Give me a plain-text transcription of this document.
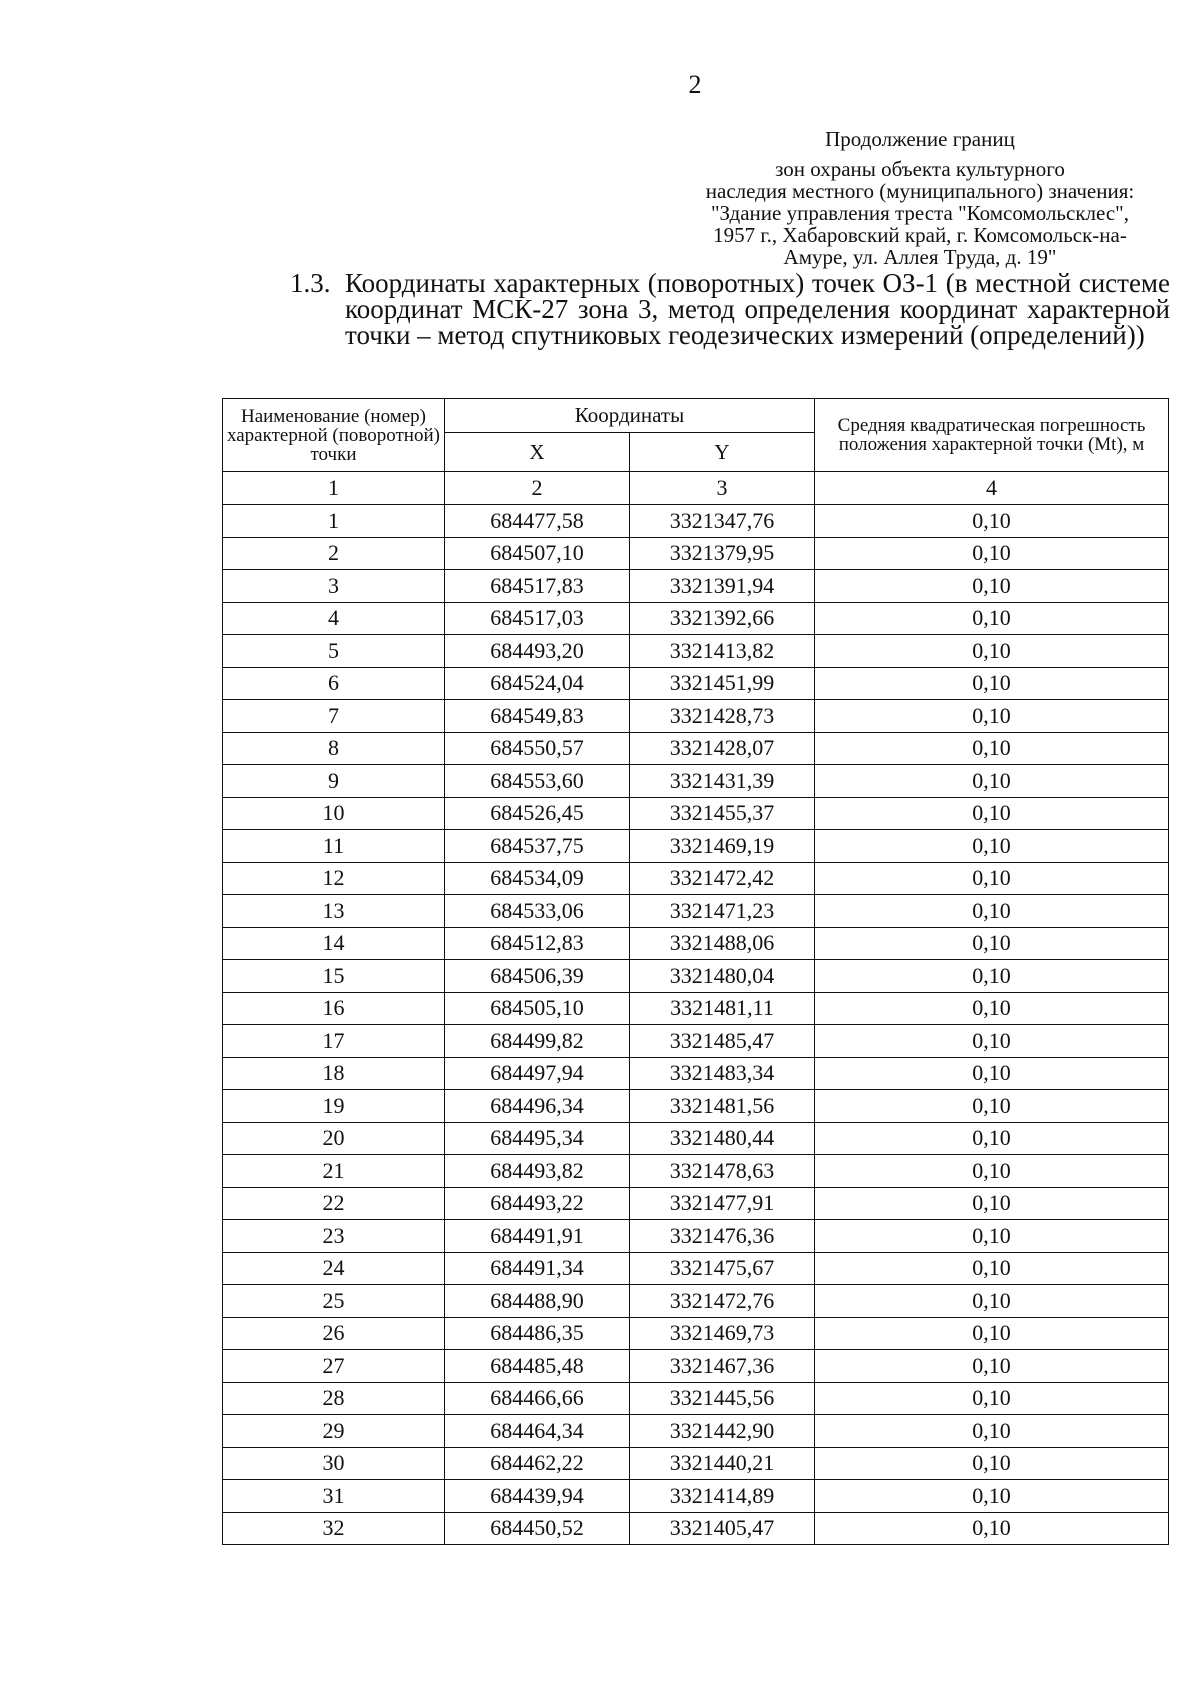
2
Продолжение границ
зон охраны объекта культурного
наследия местного (муниципального) значения:
"Здание управления треста "Комсомольсклес",
1957 г., Хабаровский край, г. Комсомольск-на-
Амуре, ул. Аллея Труда, д. 19"
1.3. Координаты характерных (поворотных) точек ОЗ-1 (в местной системе координат МСК-27 зона 3, метод определения координат характерной точки – метод спутниковых геодезических измерений (определений))
Наименование (номер) характерной (поворотной) точки	Координаты		Средняя квадратическая погрешность положения характерной точки (Mt), м
	X	Y	
1	2	3	4
1	684477,58	3321347,76	0,10
2	684507,10	3321379,95	0,10
3	684517,83	3321391,94	0,10
4	684517,03	3321392,66	0,10
5	684493,20	3321413,82	0,10
6	684524,04	3321451,99	0,10
7	684549,83	3321428,73	0,10
8	684550,57	3321428,07	0,10
9	684553,60	3321431,39	0,10
10	684526,45	3321455,37	0,10
11	684537,75	3321469,19	0,10
12	684534,09	3321472,42	0,10
13	684533,06	3321471,23	0,10
14	684512,83	3321488,06	0,10
15	684506,39	3321480,04	0,10
16	684505,10	3321481,11	0,10
17	684499,82	3321485,47	0,10
18	684497,94	3321483,34	0,10
19	684496,34	3321481,56	0,10
20	684495,34	3321480,44	0,10
21	684493,82	3321478,63	0,10
22	684493,22	3321477,91	0,10
23	684491,91	3321476,36	0,10
24	684491,34	3321475,67	0,10
25	684488,90	3321472,76	0,10
26	684486,35	3321469,73	0,10
27	684485,48	3321467,36	0,10
28	684466,66	3321445,56	0,10
29	684464,34	3321442,90	0,10
30	684462,22	3321440,21	0,10
31	684439,94	3321414,89	0,10
32	684450,52	3321405,47	0,10
